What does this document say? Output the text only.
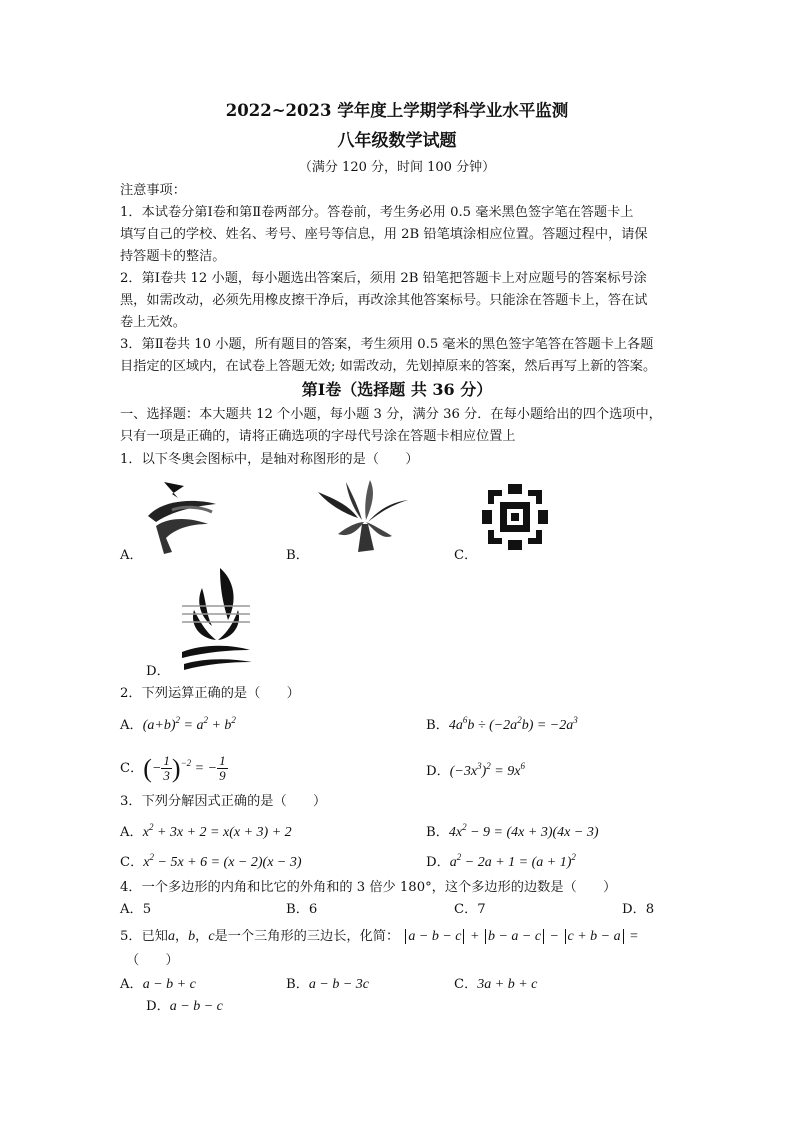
2022~2023 学年度上学期学科学业水平监测
八年级数学试题
（满分 120 分，时间 100 分钟）
注意事项：
1．本试卷分第Ⅰ卷和第Ⅱ卷两部分。答卷前，考生务必用 0.5 毫米黑色签字笔在答题卡上
填写自己的学校、姓名、考号、座号等信息，用 2B 铅笔填涂相应位置。答题过程中，请保
持答题卡的整洁。
2．第Ⅰ卷共 12 小题，每小题选出答案后，须用 2B 铅笔把答题卡上对应题号的答案标号涂
黑，如需改动，必须先用橡皮擦干净后，再改涂其他答案标号。只能涂在答题卡上，答在试
卷上无效。
3．第Ⅱ卷共 10 小题，所有题目的答案，考生须用 0.5 毫米的黑色签字笔答在答题卡上各题
目指定的区域内，在试卷上答题无效; 如需改动，先划掉原来的答案，然后再写上新的答案。
第Ⅰ卷（选择题 共 36 分）
一、选择题：本大题共 12 个小题，每小题 3 分，满分 36 分．在每小题给出的四个选项中，
只有一项是正确的，请将正确选项的字母代号涂在答题卡相应位置上
1．以下冬奥会图标中，是轴对称图形的是（　　）
A．	B．	C．
D．
2．下列运算正确的是（　　）
A．$(a+b)^2 = a^2 + b^2$	B．$4a^6b \div (-2a^2b) = -2a^3$
C．(− $\frac{1}{3} )^{-2}$ = − $\frac{1}{9}$	D．$(-3x^3)^2 = 9x^6$
3．下列分解因式正确的是（　　）
A．$x^2 + 3x + 2 = x(x + 3) + 2$	B．$4x^2 - 9 = (4x + 3)(4x - 3)$
C．$x^2 - 5x + 6 = (x - 2)(x - 3)$	D．$a^2 - 2a + 1 = (a + 1)^2$
4．一个多边形的内角和比它的外角和的 3 倍少 180°，这个多边形的边数是（　　）
A．5	B．6	C．7	D．8
5．已知a，b，c是一个三角形的三边长，化简： a − b − c + b − a − c − c + b − a =
（　　）
A．a − b + c	B．a − b − 3c	C．3a + b + c
D．a − b − c
